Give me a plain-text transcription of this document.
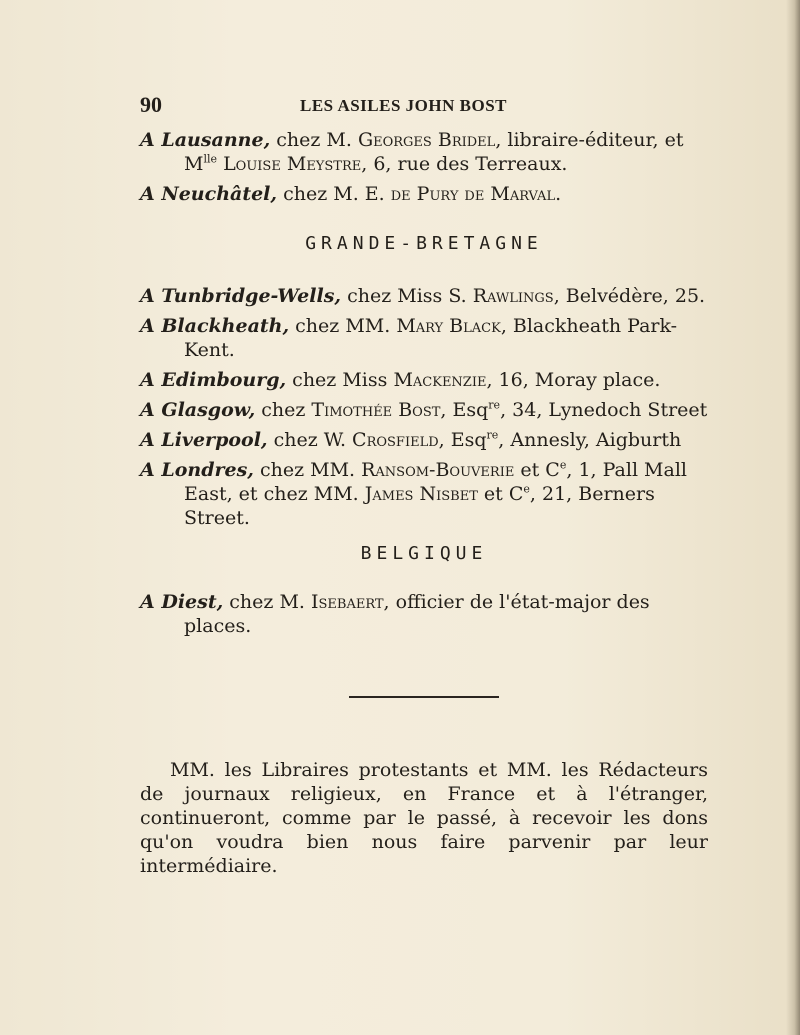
90	LES ASILES JOHN BOST

A Lausanne, chez M. Georges Bridel, libraire-éditeur, et $M^{lle}$ Louise Meystre, 6, rue des Terreaux.

A Neuchâtel, chez M. E. de Pury de Marval.

GRANDE-BRETAGNE

A Tunbridge-Wells, chez Miss S. Rawlings, Belvédère, 25.

A Blackheath, chez MM. Mary Black, Blackheath Park-Kent.

A Edimbourg, chez Miss Mackenzie, 16, Moray place.

A Glasgow, chez Timothée Bost, Esq$^{re}$, 34, Lynedoch Street

A Liverpool, chez W. Crosfield, Esq$^{re}$, Annesly, Aigburth

A Londres, chez MM. Ransom-Bouverie et Ce, 1, Pall Mall East, et chez MM. James Nisbet et Ce, 21, Berners Street.

BELGIQUE

A Diest, chez M. Isebaert, officier de l'état-major des places.

MM. les Libraires protestants et MM. les Rédacteurs de journaux religieux, en France et à l'étranger, continueront, comme par le passé, à recevoir les dons qu'on voudra bien nous faire parvenir par leur intermédiaire.
